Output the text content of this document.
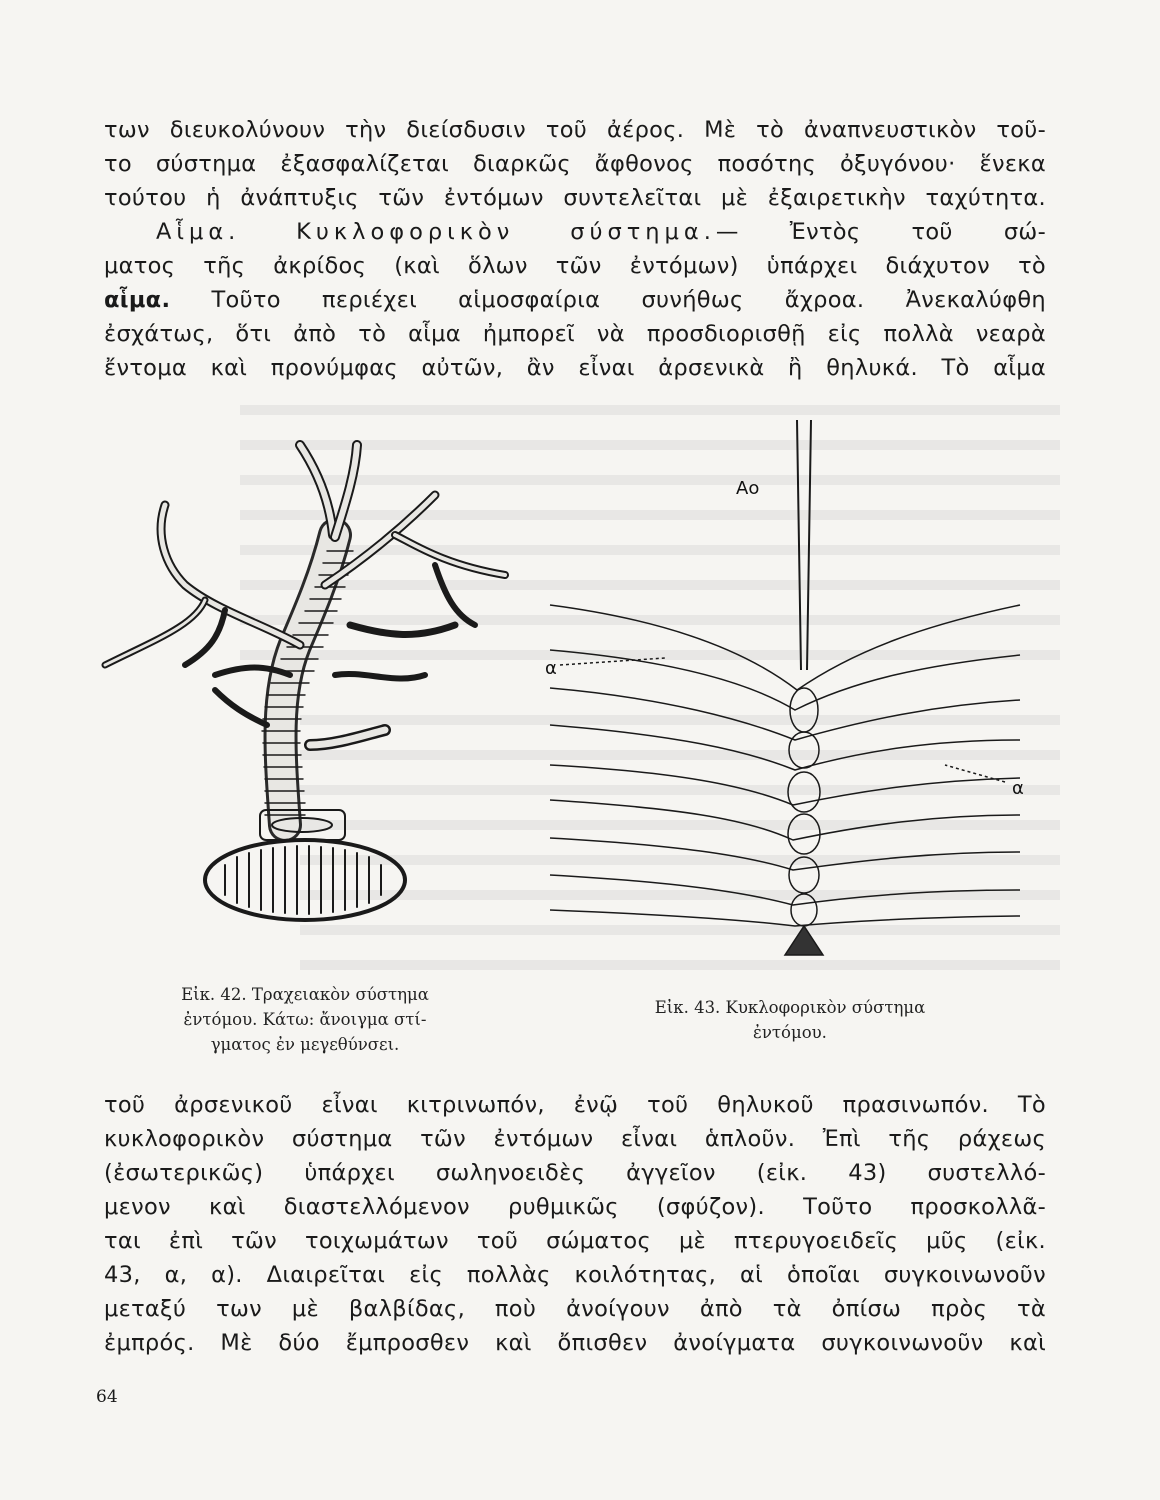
των διευκολύνουν τὴν διείσδυσιν τοῦ ἀέρος. Μὲ τὸ ἀναπνευστικὸν τοῦ-
το σύστημα ἐξασφαλίζεται διαρκῶς ἄφθονος ποσότης ὀξυγόνου· ἕνεκα
τούτου ἡ ἀνάπτυξις τῶν ἐντόμων συντελεῖται μὲ ἐξαιρετικὴν ταχύτητα.
Αἷμα. Κυκλοφορικὸν σύστημα.— Ἐντὸς τοῦ σώ-
ματος τῆς ἀκρίδος (καὶ ὅλων τῶν ἐντόμων) ὑπάρχει διάχυτον τὸ
αἷμα. Τοῦτο περιέχει αἱμοσφαίρια συνήθως ἄχροα. Ἀνεκαλύφθη
ἐσχάτως, ὅτι ἀπὸ τὸ αἷμα ἠμπορεῖ νὰ προσδιορισθῇ εἰς πολλὰ νεαρὰ
ἔντομα καὶ προνύμφας αὐτῶν, ἂν εἶναι ἀρσενικὰ ἢ θηλυκά. Τὸ αἷμα
Αο
α
α
Εἰκ. 42. Τραχειακὸν σύστημα
ἐντόμου. Κάτω: ἄνοιγμα στί-
γματος ἐν μεγεθύνσει.
Εἰκ. 43. Κυκλοφορικὸν σύστημα
ἐντόμου.
τοῦ ἀρσενικοῦ εἶναι κιτρινωπόν, ἐνῷ τοῦ θηλυκοῦ πρασινωπόν. Τὸ
κυκλοφορικὸν σύστημα τῶν ἐντόμων εἶναι ἁπλοῦν. Ἐπὶ τῆς ράχεως
(ἐσωτερικῶς) ὑπάρχει σωληνοειδὲς ἀγγεῖον (εἰκ. 43) συστελλό-
μενον καὶ διαστελλόμενον ρυθμικῶς (σφύζον). Τοῦτο προσκολλᾶ-
ται ἐπὶ τῶν τοιχωμάτων τοῦ σώματος μὲ πτερυγοειδεῖς μῦς (εἰκ.
43, α, α). Διαιρεῖται εἰς πολλὰς κοιλότητας, αἱ ὁποῖαι συγκοινωνοῦν
μεταξύ των μὲ βαλβίδας, ποὺ ἀνοίγουν ἀπὸ τὰ ὀπίσω πρὸς τὰ
ἐμπρός. Μὲ δύο ἔμπροσθεν καὶ ὄπισθεν ἀνοίγματα συγκοινωνοῦν καὶ
64
